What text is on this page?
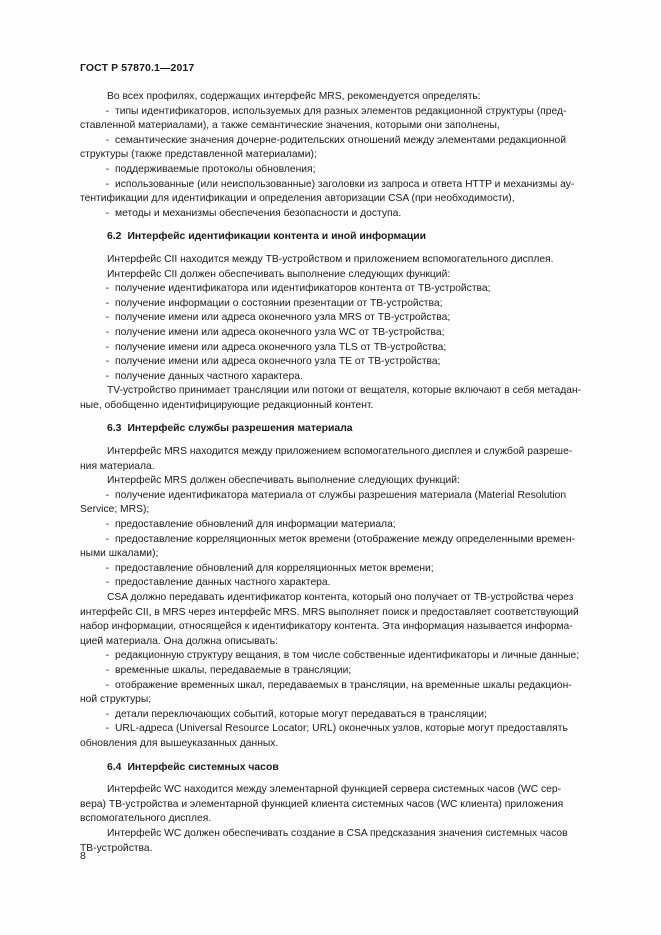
ГОСТ Р 57870.1—2017

Во всех профилях, содержащих интерфейс MRS, рекомендуется определять:

- типы идентификаторов, используемых для разных элементов редакционной структуры (пред-
ставленной материалами), а также семантические значения, которыми они заполнены,
- семантические значения дочерне-родительских отношений между элементами редакционной
структуры (также представленной материалами);
- поддерживаемые протоколы обновления;
- использованные (или неиспользованные) заголовки из запроса и ответа HTTP и механизмы ау-
тентификации для идентификации и определения авторизации CSA (при необходимости),
- методы и механизмы обеспечения безопасности и доступа.
6.2 Интерфейс идентификации контента и иной информации

Интерфейс CII находится между ТВ-устройством и приложением вспомогательного дисплея.

Интерфейс CII должен обеспечивать выполнение следующих функций:

- получение идентификатора или идентификаторов контента от ТВ-устройства;
- получение информации о состоянии презентации от ТВ-устройства;
- получение имени или адреса оконечного узла MRS от ТВ-устройства;
- получение имени или адреса оконечного узла WC от ТВ-устройства;
- получение имени или адреса оконечного узла TLS от ТВ-устройства;
- получение имени или адреса оконечного узла TE от ТВ-устройства;
- получение данных частного характера.

TV-устройство принимает трансляции или потоки от вещателя, которые включают в себя метадан-

ные, обобщенно идентифицирующие редакционный контент.

6.3 Интерфейс службы разрешения материала

Интерфейс MRS находится между приложением вспомогательного дисплея и службой разреше-

ния материала.

Интерфейс MRS должен обеспечивать выполнение следующих функций:

- получение идентификатора материала от службы разрешения материала (Material Resolution
Service; MRS);
- предоставление обновлений для информации материала;
- предоставление корреляционных меток времени (отображение между определенными времен-
ными шкалами);
- предоставление обновлений для корреляционных меток времени;
- предоставление данных частного характера.

CSA должно передавать идентификатор контента, который оно получает от ТВ-устройства через

интерфейс CII, в MRS через интерфейс MRS. MRS выполняет поиск и предоставляет соответствующий

набор информации, относящейся к идентификатору контента. Эта информация называется информа-

цией материала. Она должна описывать:

- редакционную структуру вещания, в том числе собственные идентификаторы и личные данные;
- временные шкалы, передаваемые в трансляции;
- отображение временных шкал, передаваемых в трансляции, на временные шкалы редакцион-
ной структуры;
- детали переключающих событий, которые могут передаваться в трансляции;
- URL-адреса (Universal Resource Locator; URL) оконечных узлов, которые могут предоставлять
обновления для вышеуказанных данных.
6.4 Интерфейс системных часов

Интерфейс WC находится между элементарной функцией сервера системных часов (WC сер-

вера) ТВ-устройства и элементарной функцией клиента системных часов (WC клиента) приложения

вспомогательного дисплея.

Интерфейс WC должен обеспечивать создание в CSA предсказания значения системных часов

ТВ-устройства.

8
